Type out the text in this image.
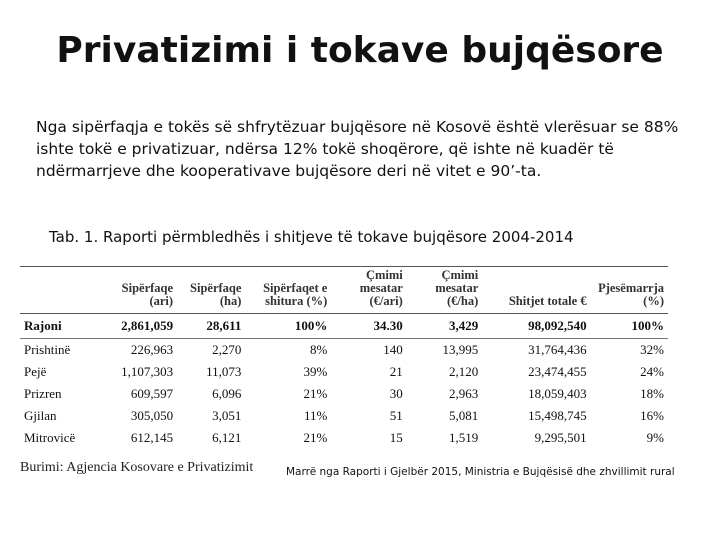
Privatizimi i tokave bujqësore
Nga sipërfaqja e tokës së shfrytëzuar bujqësore në Kosovë është vlerësuar se 88% ishte tokë e privatizuar, ndërsa 12% tokë shoqërore, që ishte në kuadër të ndërmarrjeve dhe kooperativave bujqësore deri në vitet e 90’-ta.
Tab. 1. Raporti përmbledhës i shitjeve të tokave bujqësore 2004-2014
	Sipërfaqe (ari)	Sipërfaqe (ha)	Sipërfaqet e shitura (%)	Çmimi mesatar (€/ari)	Çmimi mesatar (€/ha)	Shitjet totale €	Pjesëmarrja (%)
Rajoni	2,861,059	28,611	100%	34.30	3,429	98,092,540	100%
Prishtinë	226,963	2,270	8%	140	13,995	31,764,436	32%
Pejë	1,107,303	11,073	39%	21	2,120	23,474,455	24%
Prizren	609,597	6,096	21%	30	2,963	18,059,403	18%
Gjilan	305,050	3,051	11%	51	5,081	15,498,745	16%
Mitrovicë	612,145	6,121	21%	15	1,519	9,295,501	9%
Burimi: Agjencia Kosovare e Privatizimit	Marrë nga Raporti i Gjelbër 2015, Ministria e Bujqësisë dhe zhvillimit rural
